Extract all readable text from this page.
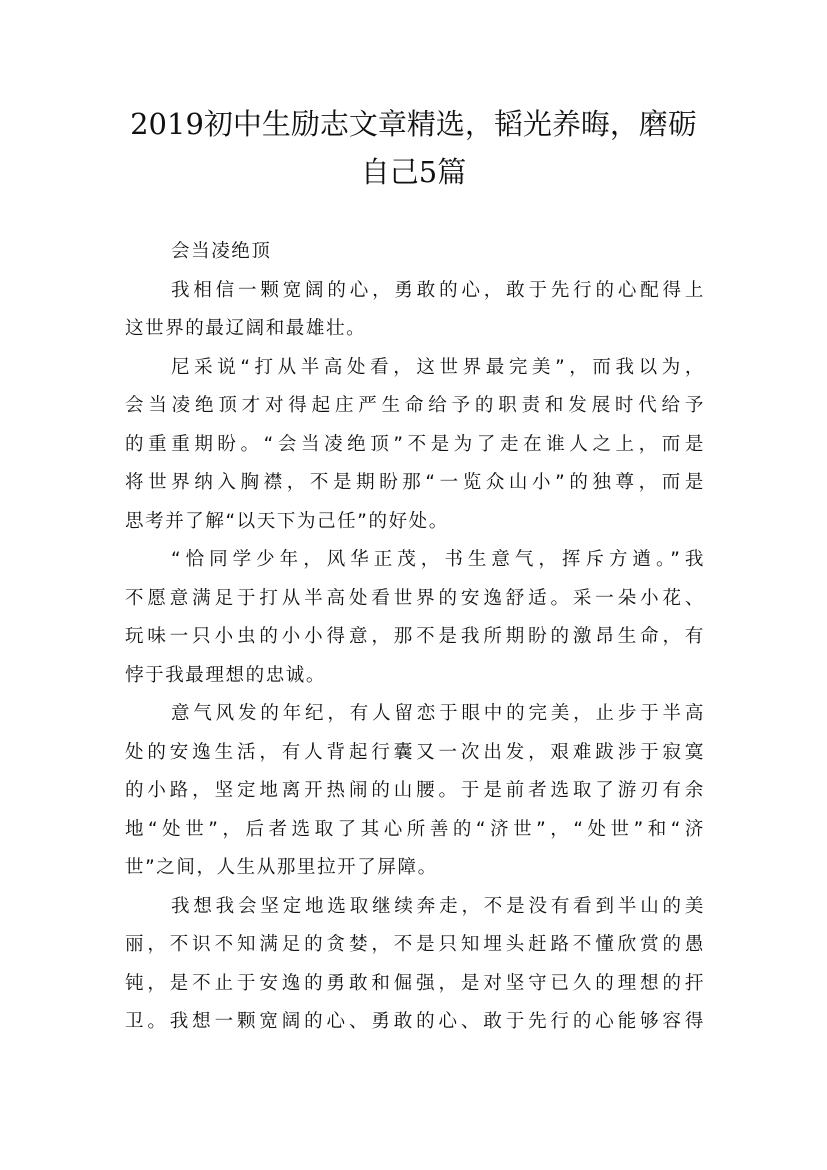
2019初中生励志文章精选，韬光养晦，磨砺
自己5篇
会当凌绝顶

我相信一颗宽阔的心，勇敢的心，敢于先行的心配得上
这世界的最辽阔和最雄壮。

尼采说“打从半高处看，这世界最完美”，而我以为，
会当凌绝顶才对得起庄严生命给予的职责和发展时代给予
的重重期盼。“会当凌绝顶”不是为了走在谁人之上，而是
将世界纳入胸襟，不是期盼那“一览众山小”的独尊，而是
思考并了解“以天下为己任”的好处。

“恰同学少年，风华正茂，书生意气，挥斥方遒。”我
不愿意满足于打从半高处看世界的安逸舒适。采一朵小花、
玩味一只小虫的小小得意，那不是我所期盼的激昂生命，有
悖于我最理想的忠诚。

意气风发的年纪，有人留恋于眼中的完美，止步于半高
处的安逸生活，有人背起行囊又一次出发，艰难跋涉于寂寞
的小路，坚定地离开热闹的山腰。于是前者选取了游刃有余
地“处世”，后者选取了其心所善的“济世”，“处世”和“济
世”之间，人生从那里拉开了屏障。

我想我会坚定地选取继续奔走，不是没有看到半山的美
丽，不识不知满足的贪婪，不是只知埋头赶路不懂欣赏的愚
钝，是不止于安逸的勇敢和倔强，是对坚守已久的理想的扞
卫。我想一颗宽阔的心、勇敢的心、敢于先行的心能够容得
